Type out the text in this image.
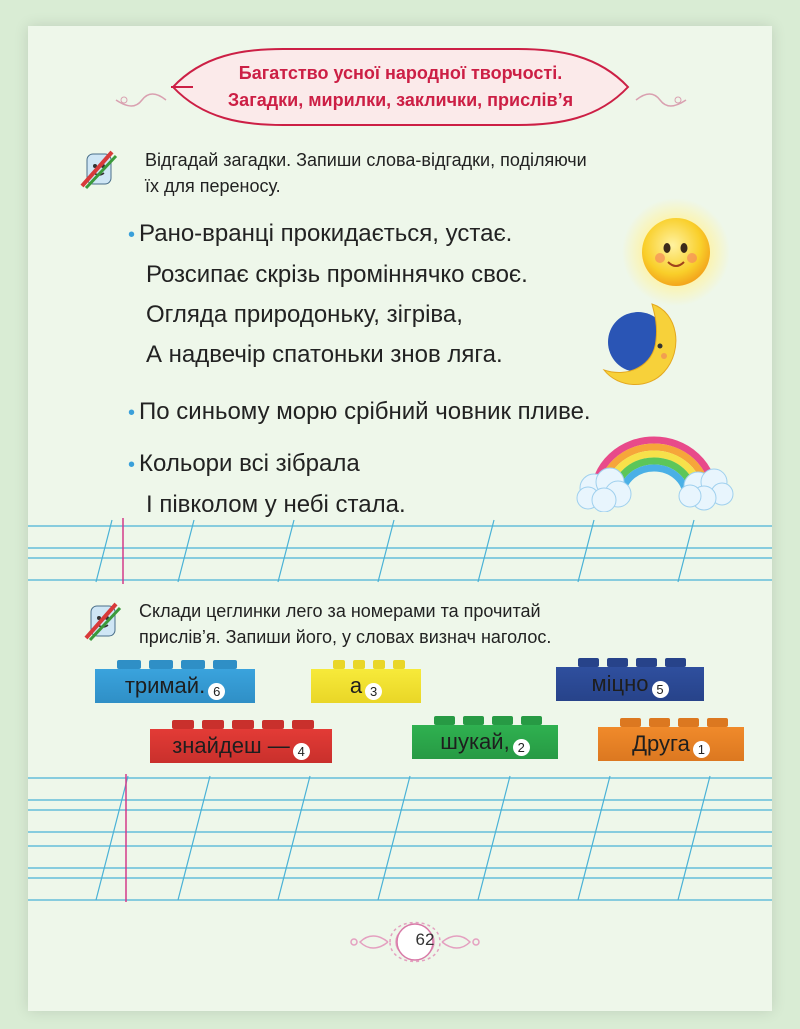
Багатство усної народної творчості.
Загадки, мирилки, заклички, прислів’я
Відгадай загадки. Запиши слова-відгадки, поділяючи
їх для переносу.
• Рано-вранці прокидається, устає.
Розсипає скрізь проміннячко своє.
Огляда природоньку, зігріва,
А надвечір спатоньки знов ляга.
• По синьому морю срібний човник пливе.
• Кольори всі зібрала
І півколом у небі стала.
Склади цеглинки лего за номерами та прочитай
прислів’я. Запиши його, у словах визнач наголос.
тримай. 6	а 3	міцно 5
знайдеш — 4	шукай, 2	Друга 1
62
